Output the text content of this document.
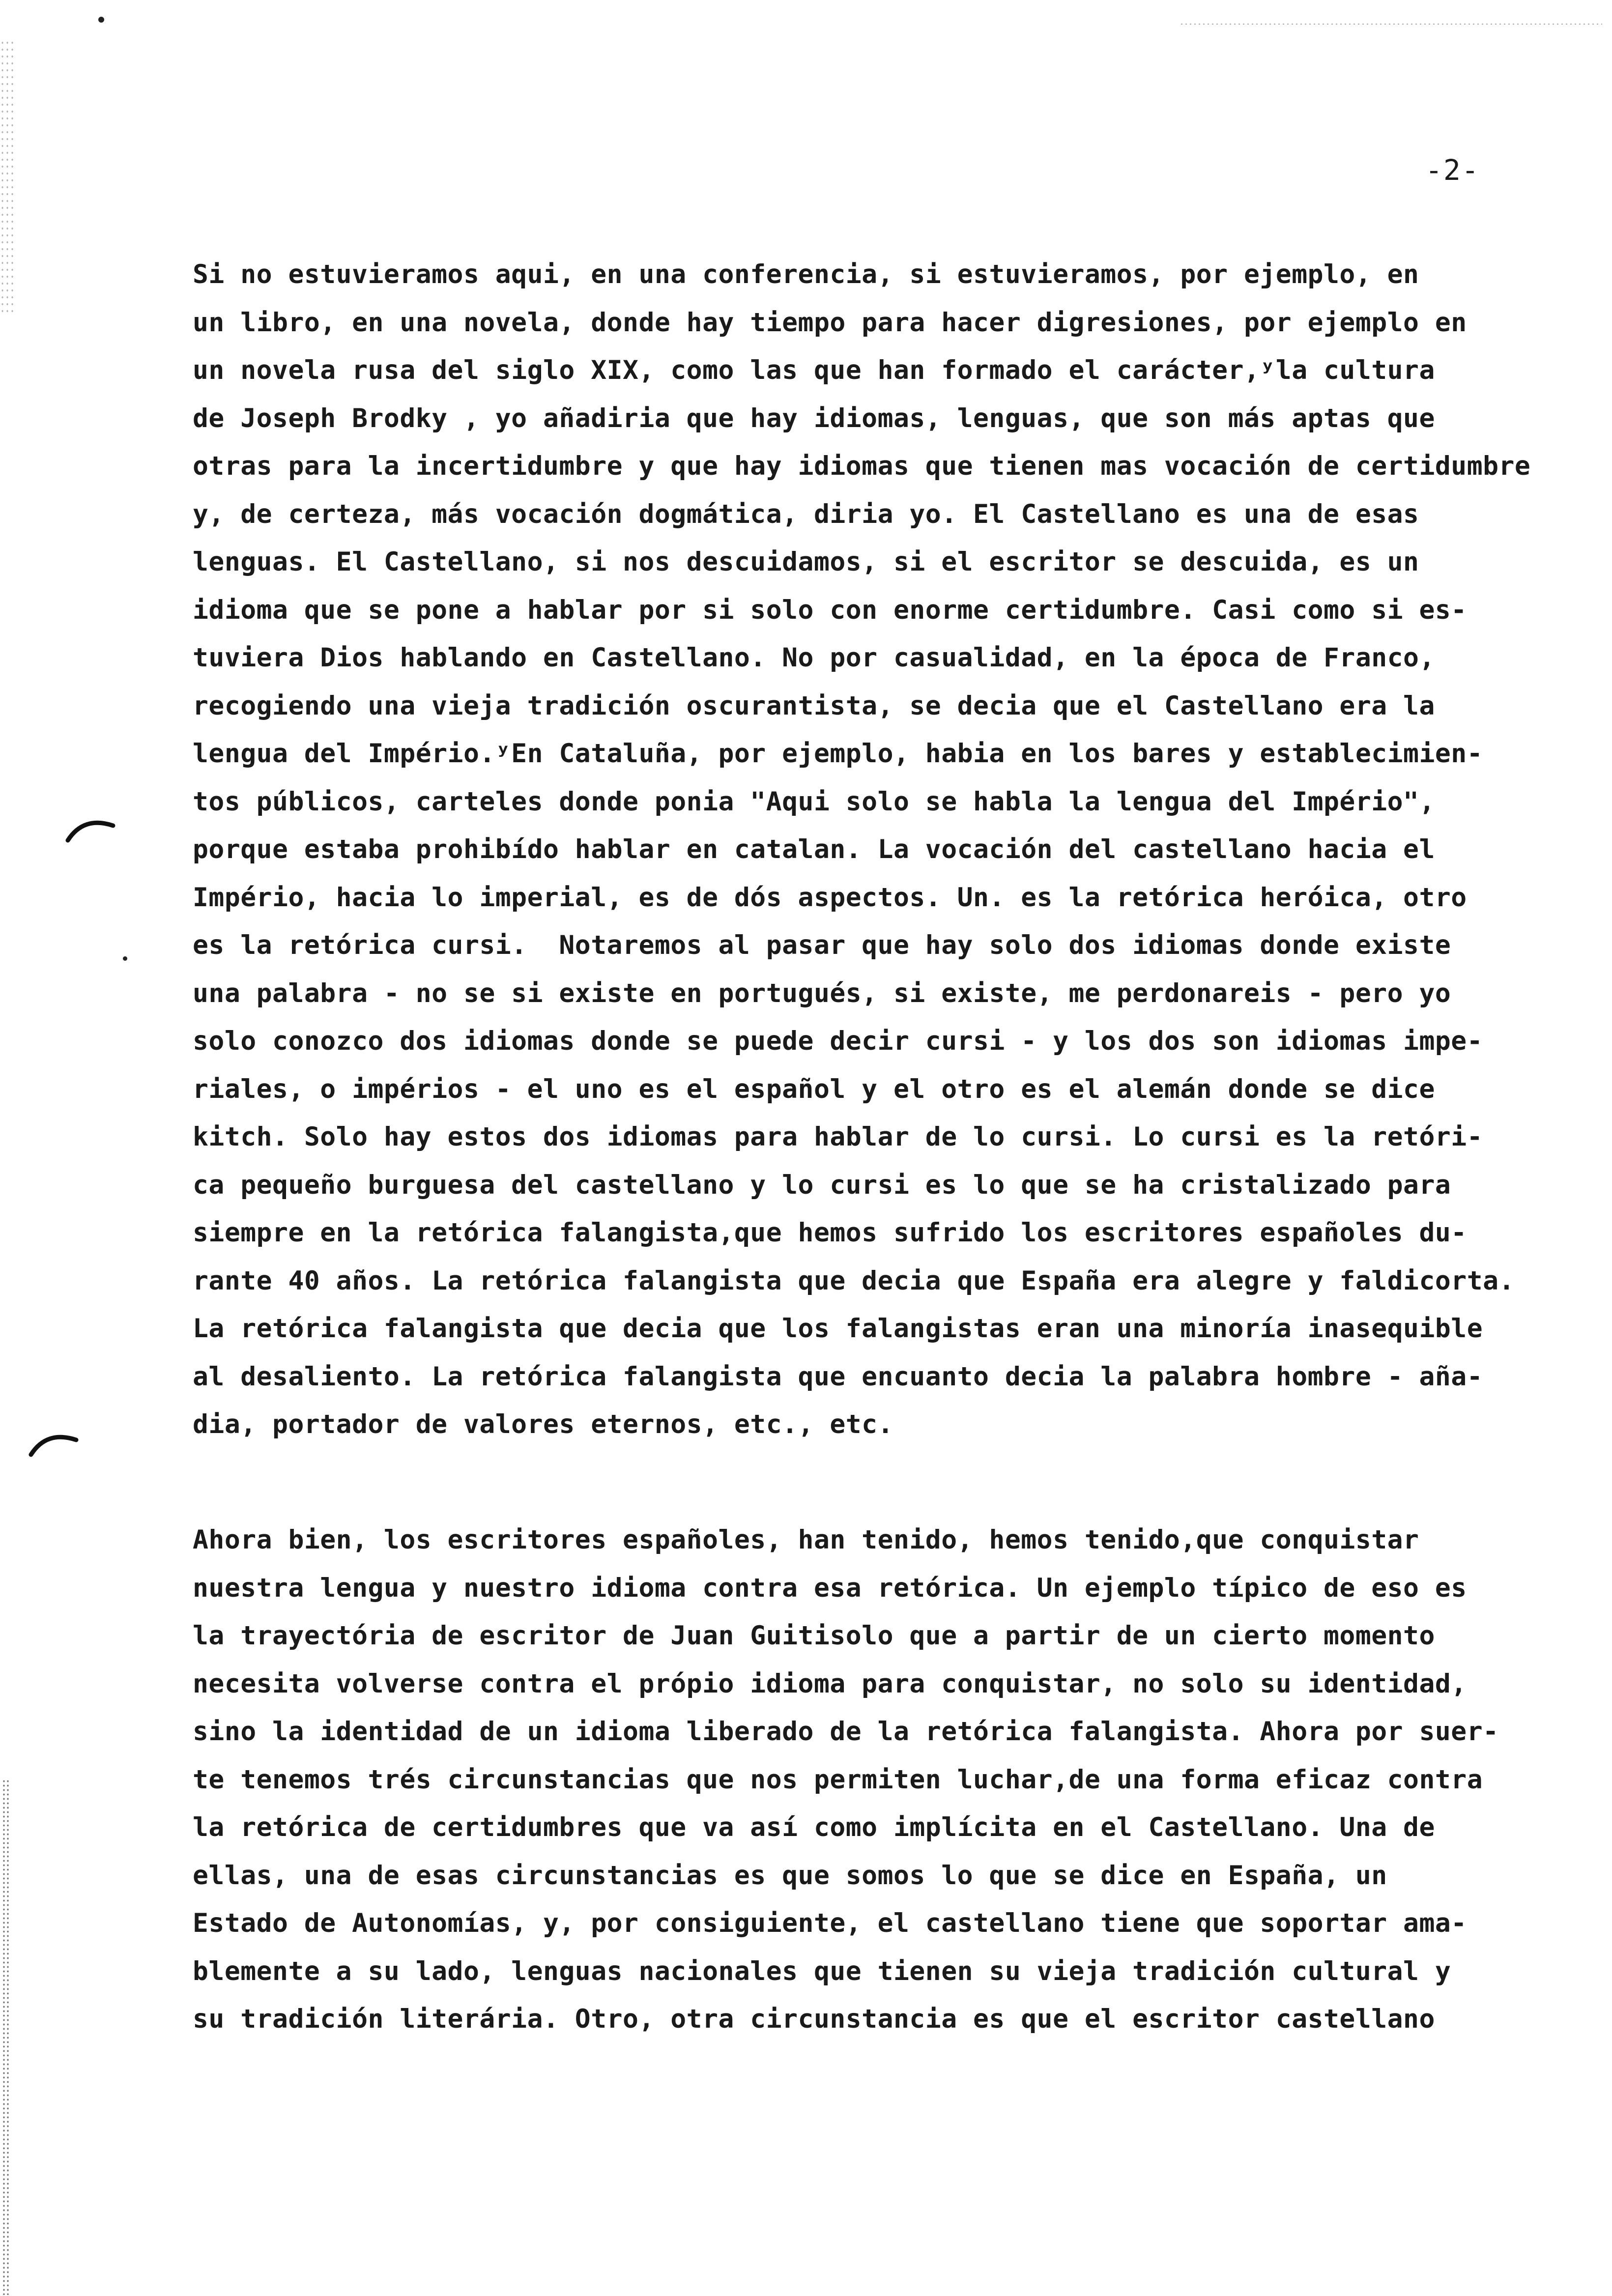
-2-
Si no estuvieramos aqui, en una conferencia, si estuvieramos, por ejemplo, en
un libro, en una novela, donde hay tiempo para hacer digresiones, por ejemplo en
un novela rusa del siglo XIX, como las que han formado el carácter,ʸla cultura
de Joseph Brodky , yo añadiria que hay idiomas, lenguas, que son más aptas que
otras para la incertidumbre y que hay idiomas que tienen mas vocación de certidumbre
y, de certeza, más vocación dogmática, diria yo. El Castellano es una de esas
lenguas. El Castellano, si nos descuidamos, si el escritor se descuida, es un
idioma que se pone a hablar por si solo con enorme certidumbre. Casi como si es-
tuviera Dios hablando en Castellano. No por casualidad, en la época de Franco,
recogiendo una vieja tradición oscurantista, se decia que el Castellano era la
lengua del Império.ʸEn Cataluña, por ejemplo, habia en los bares y establecimien-
tos públicos, carteles donde ponia "Aqui solo se habla la lengua del Império",
porque estaba prohibído hablar en catalan. La vocación del castellano hacia el
Império, hacia lo imperial, es de dós aspectos. Un. es la retórica heróica, otro
es la retórica cursi.  Notaremos al pasar que hay solo dos idiomas donde existe
una palabra - no se si existe en portugués, si existe, me perdonareis - pero yo
solo conozco dos idiomas donde se puede decir cursi - y los dos son idiomas impe-
riales, o impérios - el uno es el español y el otro es el alemán donde se dice
kitch. Solo hay estos dos idiomas para hablar de lo cursi. Lo cursi es la retóri-
ca pequeño burguesa del castellano y lo cursi es lo que se ha cristalizado para
siempre en la retórica falangista,que hemos sufrido los escritores españoles du-
rante 40 años. La retórica falangista que decia que España era alegre y faldicorta.
La retórica falangista que decia que los falangistas eran una minoría inasequible
al desaliento. La retórica falangista que encuanto decia la palabra hombre - aña-
dia, portador de valores eternos, etc., etc.
Ahora bien, los escritores españoles, han tenido, hemos tenido,que conquistar
nuestra lengua y nuestro idioma contra esa retórica. Un ejemplo típico de eso es
la trayectória de escritor de Juan Guitisolo que a partir de un cierto momento
necesita volverse contra el própio idioma para conquistar, no solo su identidad,
sino la identidad de un idioma liberado de la retórica falangista. Ahora por suer-
te tenemos trés circunstancias que nos permiten luchar,de una forma eficaz contra
la retórica de certidumbres que va así como implícita en el Castellano. Una de
ellas, una de esas circunstancias es que somos lo que se dice en España, un
Estado de Autonomías, y, por consiguiente, el castellano tiene que soportar ama-
blemente a su lado, lenguas nacionales que tienen su vieja tradición cultural y
su tradición literária. Otro, otra circunstancia es que el escritor castellano
